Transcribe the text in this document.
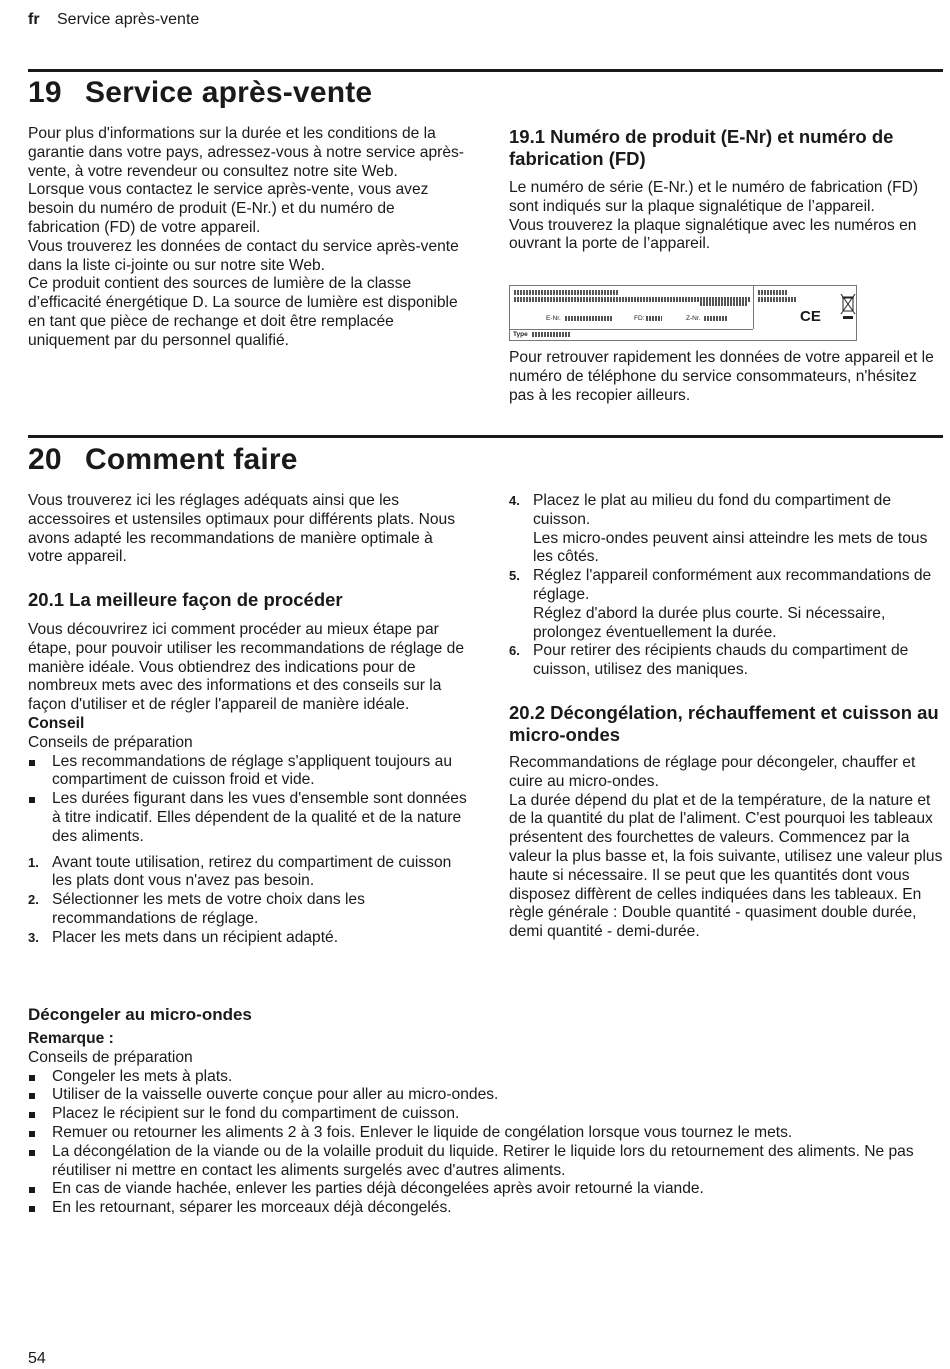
fr Service après-vente
19 Service après-vente

Pour plus d'informations sur la durée et les conditions de la garantie dans votre pays, adressez-vous à notre service après-vente, à votre revendeur ou consultez notre site Web.

Lorsque vous contactez le service après-vente, vous avez besoin du numéro de produit (E-Nr.) et du numéro de fabrication (FD) de votre appareil.

Vous trouverez les données de contact du service après-vente dans la liste ci-jointe ou sur notre site Web.

Ce produit contient des sources de lumière de la classe d’efficacité énergétique D. La source de lumière est disponible en tant que pièce de rechange et doit être remplacée uniquement par du personnel qualifié.

19.1 Numéro de produit (E-Nr) et numéro de fabrication (FD)

Le numéro de série (E-Nr.) et le numéro de fabrication (FD) sont indiqués sur la plaque signalétique de l’appareil.

Vous trouverez la plaque signalétique avec les numéros en ouvrant la porte de l’appareil.

E-Nr.	FD:	Z-Nr.
Type
CE
Pour retrouver rapidement les données de votre appareil et le numéro de téléphone du service consommateurs, n'hésitez pas à les recopier ailleurs.
20 Comment faire
Vous trouverez ici les réglages adéquats ainsi que les accessoires et ustensiles optimaux pour différents plats. Nous avons adapté les recommandations de manière optimale à votre appareil.
20.1 La meilleure façon de procéder

Vous découvrirez ici comment procéder au mieux étape par étape, pour pouvoir utiliser les recommandations de réglage de manière idéale. Vous obtiendrez des indications pour de nombreux mets avec des informations et des conseils sur la façon d'utiliser et de régler l'appareil de manière idéale.

Conseil

Conseils de préparation

Les recommandations de réglage s'appliquent toujours au compartiment de cuisson froid et vide.
Les durées figurant dans les vues d'ensemble sont données à titre indicatif. Elles dépendent de la qualité et de la nature des aliments.
1. Avant toute utilisation, retirez du compartiment de cuisson les plats dont vous n'avez pas besoin.
2. Sélectionner les mets de votre choix dans les recommandations de réglage.
3. Placer les mets dans un récipient adapté.
4. Placez le plat au milieu du fond du compartiment de cuisson.
Les micro-ondes peuvent ainsi atteindre les mets de tous les côtés.
5. Réglez l'appareil conformément aux recommandations de réglage.
Réglez d'abord la durée plus courte. Si nécessaire, prolongez éventuellement la durée.
6. Pour retirer des récipients chauds du compartiment de cuisson, utilisez des maniques.
20.2 Décongélation, réchauffement et cuisson au micro-ondes

Recommandations de réglage pour décongeler, chauffer et cuire au micro-ondes.

La durée dépend du plat et de la température, de la nature et de la quantité du plat de l'aliment. C'est pourquoi les tableaux présentent des fourchettes de valeurs. Commencez par la valeur la plus basse et, la fois suivante, utilisez une valeur plus haute si nécessaire. Il se peut que les quantités dont vous disposez diffèrent de celles indiquées dans les tableaux. En règle générale : Double quantité - quasiment double durée, demi quantité - demi-durée.

Décongeler au micro-ondes

Remarque :

Conseils de préparation

Congeler les mets à plats.
Utiliser de la vaisselle ouverte conçue pour aller au micro-ondes.
Placez le récipient sur le fond du compartiment de cuisson.
Remuer ou retourner les aliments 2 à 3 fois. Enlever le liquide de congélation lorsque vous tournez le mets.
La décongélation de la viande ou de la volaille produit du liquide. Retirer le liquide lors du retournement des aliments. Ne pas réutiliser ni mettre en contact les aliments surgelés avec d'autres aliments.
En cas de viande hachée, enlever les parties déjà décongelées après avoir retourné la viande.
En les retournant, séparer les morceaux déjà décongelés.
54
